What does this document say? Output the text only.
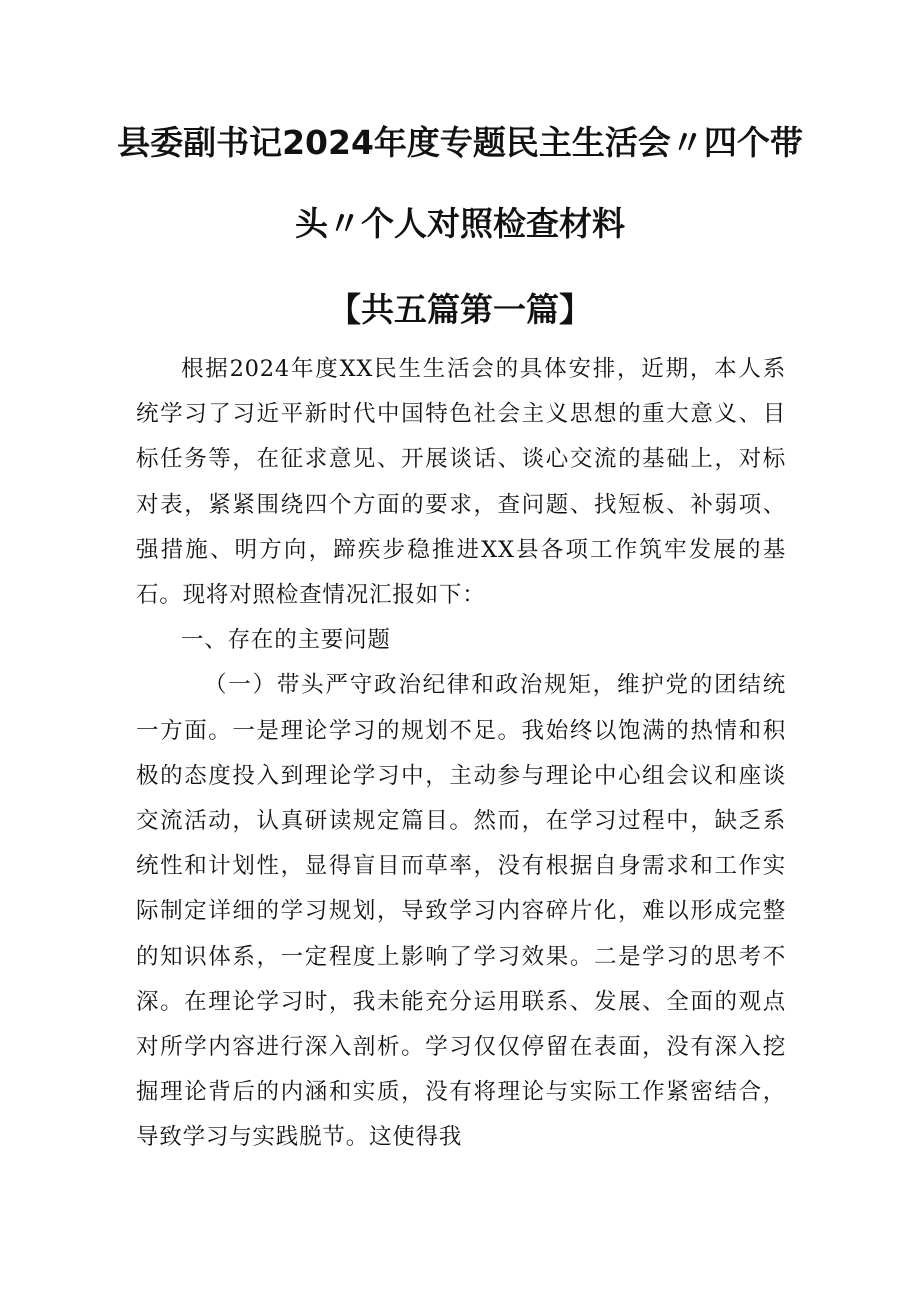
县委副书记2024年度专题民主生活会〃四个带
头〃个人对照检查材料
【共五篇第一篇】

根据2024年度XX民生生活会的具体安排，近期，本人系统学习了习近平新时代中国特色社会主义思想的重大意义、目标任务等，在征求意见、开展谈话、谈心交流的基础上，对标对表，紧紧围绕四个方面的要求，查问题、找短板、补弱项、强措施、明方向，蹄疾步稳推进XX县各项工作筑牢发展的基石。现将对照检查情况汇报如下：

一、存在的主要问题

（一）带头严守政治纪律和政治规矩，维护党的团结统一方面。一是理论学习的规划不足。我始终以饱满的热情和积极的态度投入到理论学习中，主动参与理论中心组会议和座谈交流活动，认真研读规定篇目。然而，在学习过程中，缺乏系统性和计划性，显得盲目而草率，没有根据自身需求和工作实际制定详细的学习规划，导致学习内容碎片化，难以形成完整的知识体系，一定程度上影响了学习效果。二是学习的思考不深。在理论学习时，我未能充分运用联系、发展、全面的观点对所学内容进行深入剖析。学习仅仅停留在表面，没有深入挖掘理论背后的内涵和实质，没有将理论与实际工作紧密结合，导致学习与实践脱节。这使得我
